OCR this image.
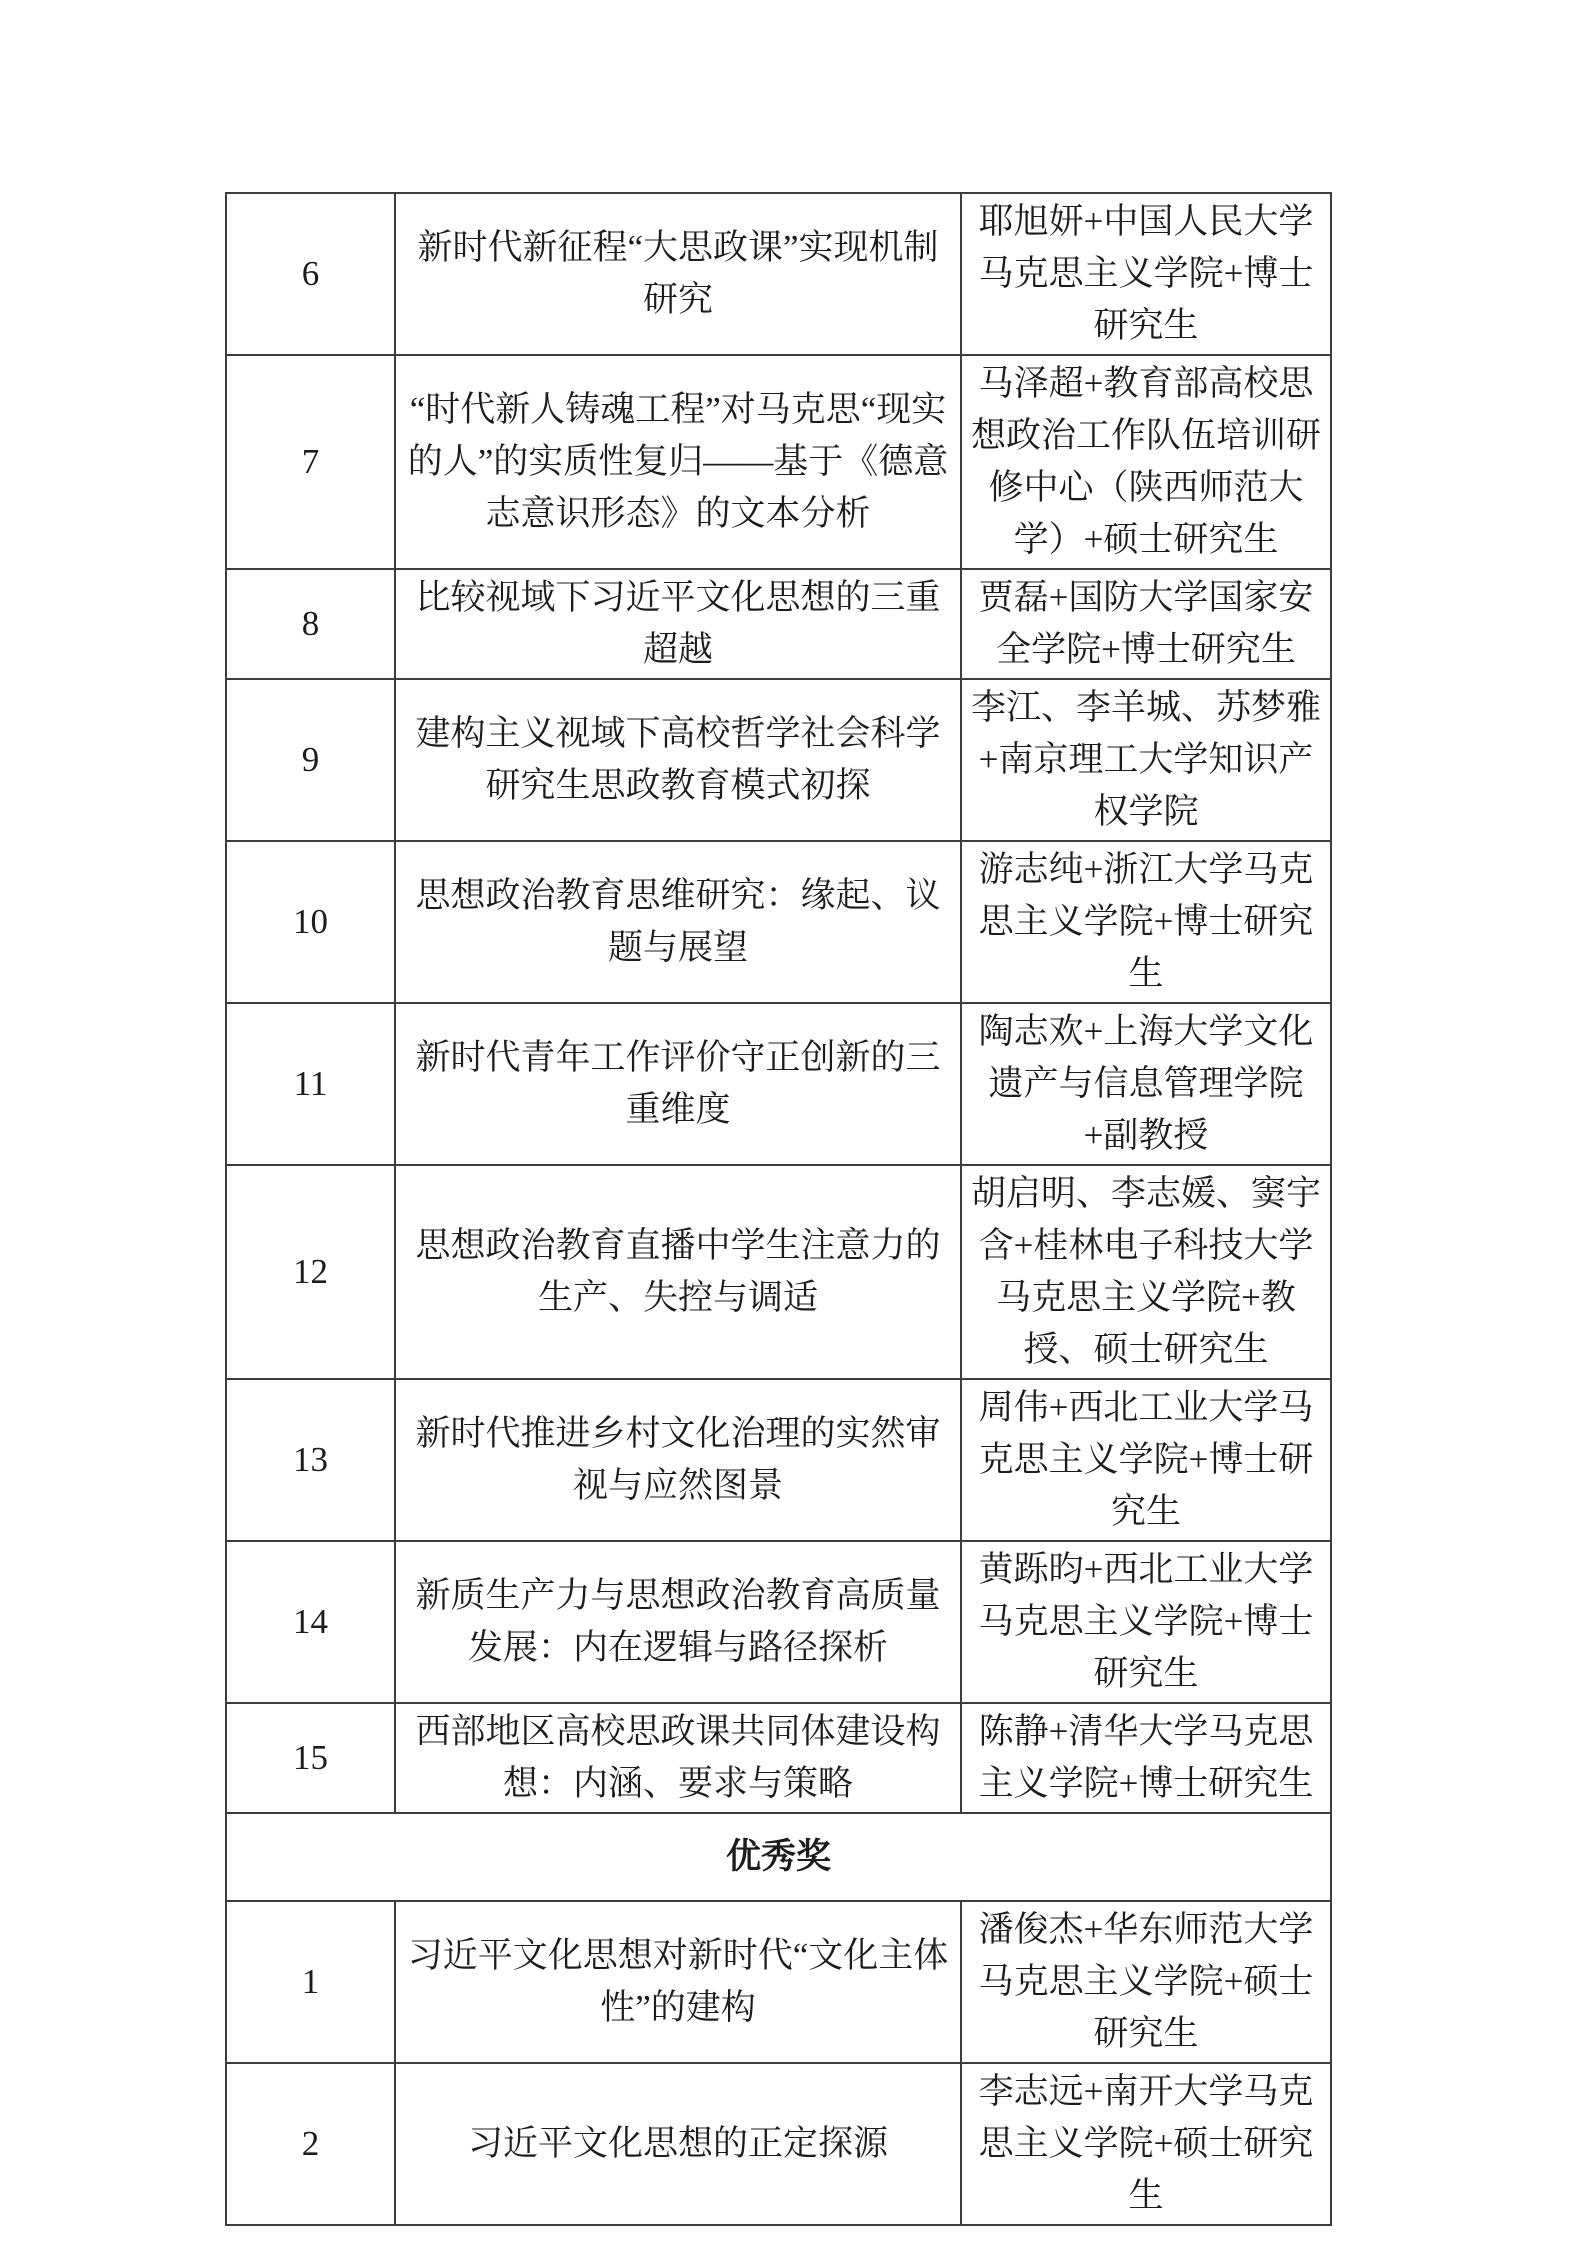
6	新时代新征程“大思政课”实现机制研究	耶旭妍+中国人民大学马克思主义学院+博士研究生
7	“时代新人铸魂工程”对马克思“现实的人”的实质性复归——基于《德意志意识形态》的文本分析	马泽超+教育部高校思想政治工作队伍培训研修中心（陕西师范大学）+硕士研究生
8	比较视域下习近平文化思想的三重超越	贾磊+国防大学国家安全学院+博士研究生
9	建构主义视域下高校哲学社会科学研究生思政教育模式初探	李江、李羊城、苏梦雅+南京理工大学知识产权学院
10	思想政治教育思维研究：缘起、议题与展望	游志纯+浙江大学马克思主义学院+博士研究生
11	新时代青年工作评价守正创新的三重维度	陶志欢+上海大学文化遗产与信息管理学院+副教授
12	思想政治教育直播中学生注意力的生产、失控与调适	胡启明、李志媛、窦宇含+桂林电子科技大学马克思主义学院+教授、硕士研究生
13	新时代推进乡村文化治理的实然审视与应然图景	周伟+西北工业大学马克思主义学院+博士研究生
14	新质生产力与思想政治教育高质量发展：内在逻辑与路径探析	黄跞昀+西北工业大学马克思主义学院+博士研究生
15	西部地区高校思政课共同体建设构想：内涵、要求与策略	陈静+清华大学马克思主义学院+博士研究生
优秀奖		
1	习近平文化思想对新时代“文化主体性”的建构	潘俊杰+华东师范大学马克思主义学院+硕士研究生
2	习近平文化思想的正定探源	李志远+南开大学马克思主义学院+硕士研究生
